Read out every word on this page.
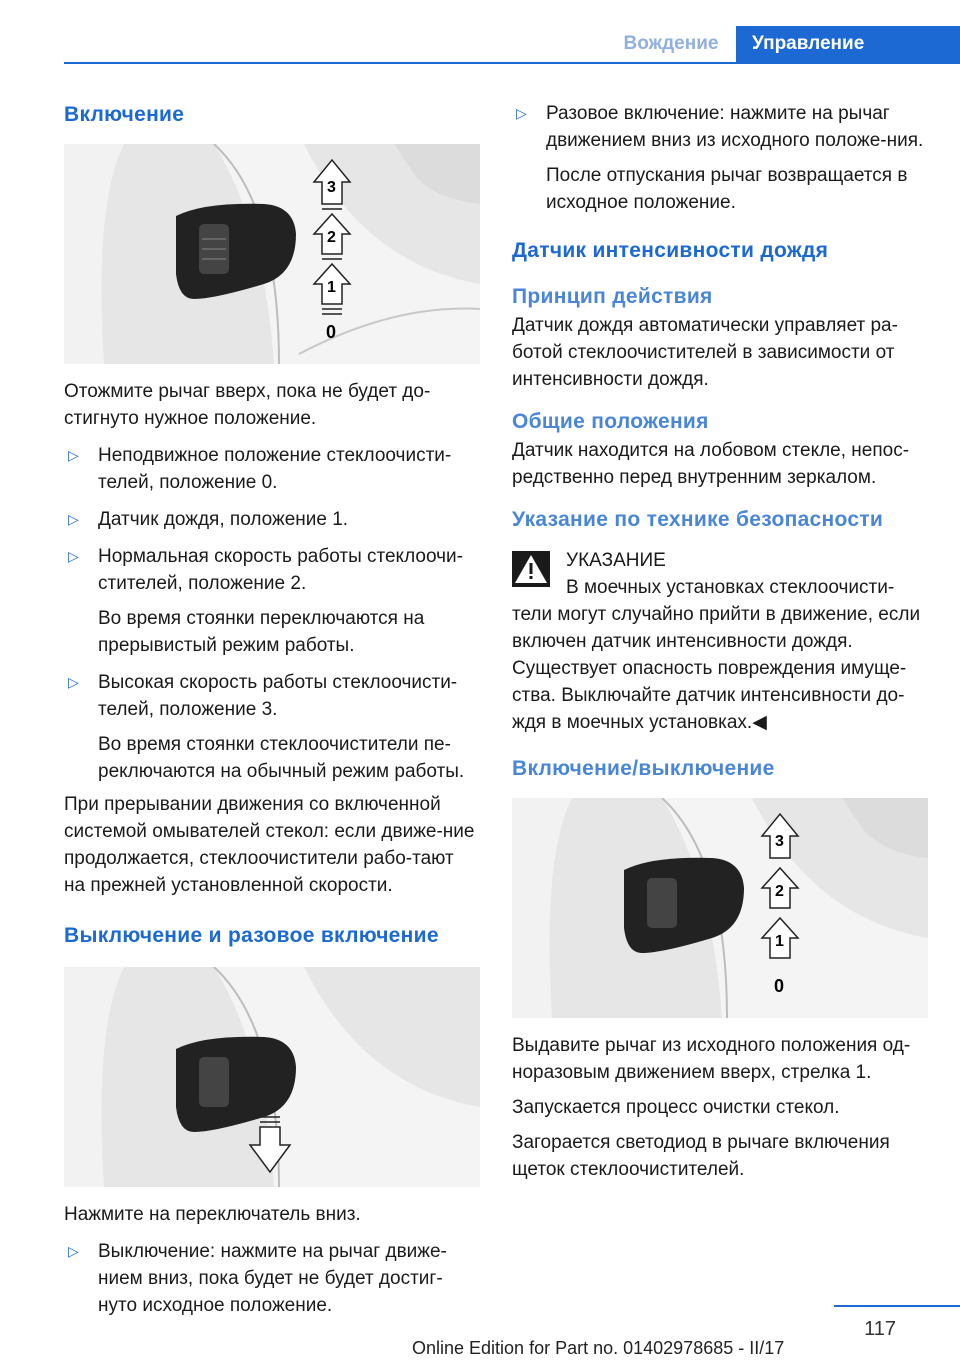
Вождение	Управление
Включение
1
2
3
0

Отожмите рычаг вверх, пока не будет до-стигнуто нужное положение.

▷ Неподвижное положение стеклоочисти-телей, положение 0.
▷ Датчик дождя, положение 1.
▷ Нормальная скорость работы стеклоочи-стителей, положение 2.

Во время стоянки переключаются на прерывистый режим работы.

▷ Высокая скорость работы стеклоочисти-телей, положение 3.

Во время стоянки стеклоочистители пе-реключаются на обычный режим работы.

При прерывании движения со включенной системой омывателей стекол: если движе-ние продолжается, стеклоочистители рабо-тают на прежней установленной скорости.

Выключение и разовое включение

Нажмите на переключатель вниз.

▷ Выключение: нажмите на рычаг движе-нием вниз, пока будет не будет достиг-нуто исходное положение.
▷ Разовое включение: нажмите на рычаг движением вниз из исходного положе-ния.

После отпускания рычаг возвращается в исходное положение.

Датчик интенсивности дождя
Принцип действия

Датчик дождя автоматически управляет ра-ботой стеклоочистителей в зависимости от интенсивности дождя.

Общие положения

Датчик находится на лобовом стекле, непос-редственно перед внутренним зеркалом.

Указание по технике безопасности

УКАЗАНИЕ

В моечных установках стеклоочисти-

тели могут случайно прийти в движение, если включен датчик интенсивности дождя. Существует опасность повреждения имуще-ства. Выключайте датчик интенсивности до-ждя в моечных установках.◀

Включение/выключение
1
2
3
0

Выдавите рычаг из исходного положения од-норазовым движением вверх, стрелка 1.

Запускается процесс очистки стекол.

Загорается светодиод в рычаге включения щеток стеклоочистителей.

117
Online Edition for Part no. 01402978685 - II/17
